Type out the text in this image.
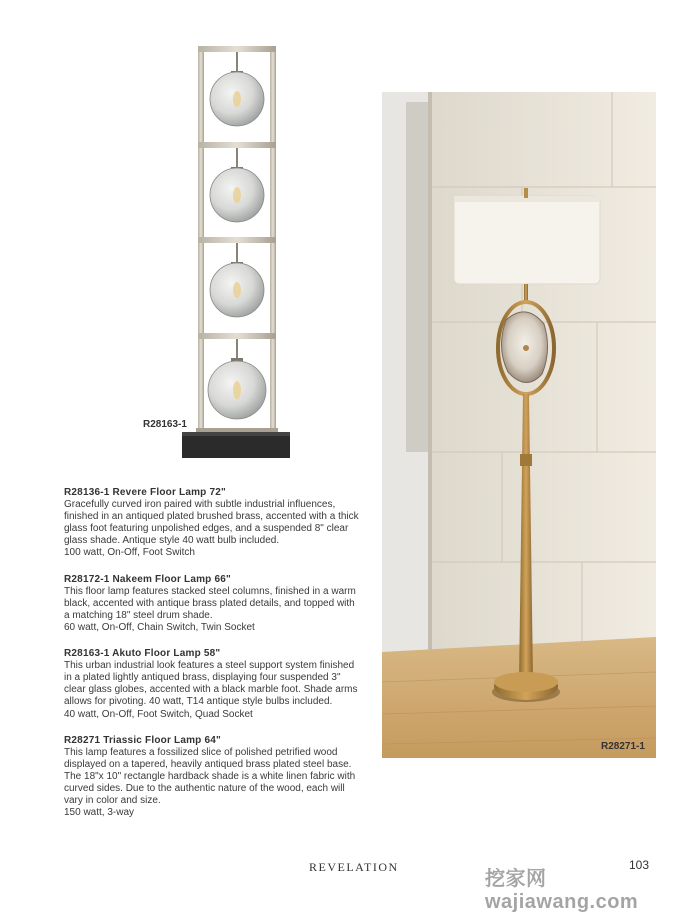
R28163-1
R28271-1
R28136-1 Revere Floor Lamp 72"
Gracefully curved iron paired with subtle industrial influences,
finished in an antiqued plated brushed brass, accented with a thick
glass foot featuring unpolished edges, and a suspended 8" clear
glass shade. Antique style 40 watt bulb included.
100 watt, On-Off, Foot Switch
R28172-1 Nakeem Floor Lamp 66"
This floor lamp features stacked steel columns, finished in a warm
black, accented with antique brass plated details, and topped with
a matching 18" steel drum shade.
60 watt, On-Off, Chain Switch, Twin Socket
R28163-1 Akuto Floor Lamp 58"
This urban industrial look features a steel support system finished
in a plated lightly antiqued brass, displaying four suspended 3"
clear glass globes, accented with a black marble foot. Shade arms
allows for pivoting. 40 watt, T14 antique style bulbs included.
40 watt, On-Off, Foot Switch, Quad Socket
R28271 Triassic Floor Lamp 64"
This lamp features a fossilized slice of polished petrified wood
displayed on a tapered, heavily antiqued brass plated steel base.
The 18"x 10" rectangle hardback shade is a white linen fabric with
curved sides. Due to the authentic nature of the wood, each will
vary in color and size.
150 watt, 3-way
REVELATION
挖家网 wajiawang.com
103
